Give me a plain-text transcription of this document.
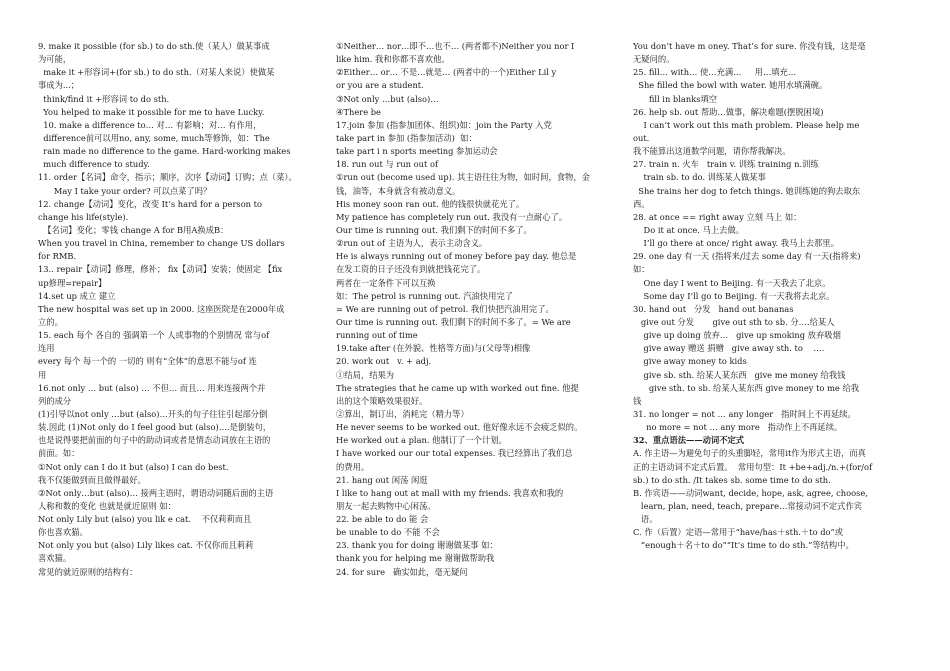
9. make it possible (for sb.) to do sth.使（某人）做某事成
为可能，
make it +形容词+(for sb.) to do sth.（对某人来说）使做某
事成为...；
think/find it +形容词 to do sth.
You helped to make it possible for me to have Lucky.
10. make a difference to… 对… 有影响；对… 有作用，
difference前可以用no, any, some, much等修饰，如：The
rain made no difference to the game. Hard-working makes
much difference to study.
11. order【名词】命令，指示；顺序，次序【动词】订购；点（菜）。
May I take your order? 可以点菜了吗？
12. change【动词】变化，改变 It’s hard for a person to
change his life(style).
【名词】变化；零钱 change A for B用A换成B：
When you travel in China, remember to change US dollars
for RMB.
13.. repair【动词】修理，修补； fix【动词】安装；使固定 【fix
up修理=repair】
14.set up 成立 建立
The new hospital was set up in 2000. 这座医院是在2000年成
立的。
15. each 每个 各自的 强调第一个 人或事物的个别情况 常与of
连用
every 每个 每一个的 一切的 则有“全体”的意思不能与of 连
用
16.not only … but (also) … 不但… 而且… 用来连接两个并
列的成分
(1)引导以not only …but (also)…开头的句子往往引起部分倒
装.因此 (1)Not only do I feel good but (also)….是倒装句，
也是说得要把前面的句子中的助动词或者是情态动词放在主语的
前面。如：
①Not only can I do it but (also) I can do best.
我不仅能做到而且做得最好。
②Not only…but (also)… 接两主语时，谓语动词随后面的主语
人称和数的变化 也就是就近原则 如：
Not only Lily but (also) you lik e cat.    不仅莉莉而且
你也喜欢猫。
Not only you but (also) Lily likes cat. 不仅你而且莉莉
喜欢猫。
常见的就近原则的结构有：
①Neither… nor…即不…也不… (两者都不)Neither you nor I
like him. 我和你都不喜欢他。
②Either… or… 不是…就是… (两者中的一个)Either Lil y
or you are a student.
③Not only …but (also)…
④There be
17.join 参加 (指参加团体、组织)如：join the Party 入党
take part in 参加 (指参加活动)  如：
take part i n sports meeting 参加运动会
18. run out 与 run out of
①run out (become used up). 其主语往往为物，如时间，食物，金
钱，油等，本身就含有被动意义。
His money soon ran out. 他的钱很快就花光了。
My patience has completely run out. 我没有一点耐心了。
Our time is running out. 我们剩下的时间不多了。
②run out of 主语为人，表示主动含义。
He is always running out of money before pay day. 他总是
在发工资的日子还没有到就把钱花完了。
两者在一定条件下可以互换
如：The petrol is running out. 汽油快用完了
= We are running out of petrol. 我们快把汽油用完了。
Our time is running out. 我们剩下的时间不多了。= We are
running out of time
19.take after (在外貌、性格等方面)与(父母等)相像
20. work out   v. + adj.
①结局，结果为
The strategies that he came up with worked out fine. 他提
出的这个策略效果很好。
②算出，制订出，消耗完（精力等）
He never seems to be worked out. 他好像永远不会疲乏似的。
He worked out a plan. 他制订了一个计划。
I have worked our our total expenses. 我已经算出了我们总
的费用。
21. hang out 闲荡 闲逛
I like to hang out at mall with my friends. 我喜欢和我的
朋友一起去购物中心闲荡。
22. be able to do 能 会
be unable to do 不能 不会
23. thank you for doing 谢谢做某事 如：
thank you for helping me 谢谢做帮助我
24. for sure   确实如此，毫无疑问
You don’t have m oney. That’s for sure. 你没有钱，这是毫
无疑问的。
25. fill… with… 使…充满…     用…填充…
She filled the bowl with water. 她用水填满碗。
fill in blanks填空
26. help sb. out 帮助…做事，解决难题(摆脱困境)
I can’t work out this math problem. Please help me
out.
我不能算出这道数学问题，请你帮我解决。
27. train n. 火车   train v. 训练 training n.训练
train sb. to do. 训练某人做某事
She trains her dog to fetch things. 她训练她的狗去取东
西。
28. at once == right away 立刻 马上 如：
Do it at once. 马上去做。
I’ll go there at once/ right away. 我马上去那里。
29. one day 有一天 (指将来/过去 some day 有一天(指将来)
如：
One day I went to Beijing. 有一天我去了北京。
Some day I’ll go to Beijing. 有一天我将去北京。
30. hand out   分发   hand out bananas
give out 分发       give out sth to sb. 分….给某人
give up doing 放弃…   give up smoking 放弃吸烟
give away 赠送 捐赠   give away sth. to    ….
give away money to kids
give sb. sth. 给某人某东西   give me money 给我钱
give sth. to sb. 给某人某东西 give money to me 给我
钱
31. no longer = not … any longer   指时间上不再延续。
no more = not … any more   指动作上不再延续。
32、重点语法——动词不定式
A. 作主语—为避免句子的头重脚轻，常用it作为形式主语，而真
正的主语动词不定式后置。  常用句型：It +be+adj./n.+(for/of
sb.) to do sth. /It takes sb. some time to do sth.
B. 作宾语——动词want, decide, hope, ask, agree, choose,
learn, plan, need, teach, prepare…常接动词不定式作宾
语。
C. 作（后置）定语—常用于“have/has＋sth.＋to do”或
“enough＋名＋to do”“It’s time to do sth.”等结构中。
